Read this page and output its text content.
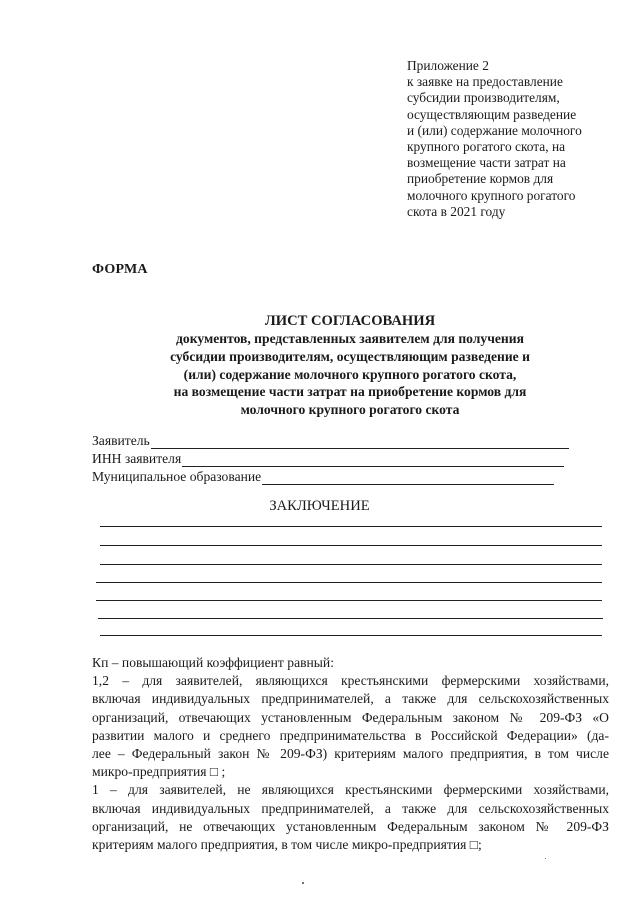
Приложение 2
к заявке на предоставление
субсидии производителям,
осуществляющим разведение
и (или) содержание молочного
крупного рогатого скота, на
возмещение части затрат на
приобретение кормов для
молочного крупного рогатого
скота в 2021 году
ФОРМА
ЛИСТ СОГЛАСОВАНИЯ
документов, представленных заявителем для получения
субсидии производителям, осуществляющим разведение и
(или) содержание молочного крупного рогатого скота,
на возмещение части затрат на приобретение кормов для
молочного крупного рогатого скота
Заявитель
ИНН заявителя
Муниципальное образование
ЗАКЛЮЧЕНИЕ
Кп – повышающий коэффициент равный:
1,2 – для заявителей, являющихся крестьянскими фермерскими хозяйствами,
включая индивидуальных предпринимателей, а также для сельскохозяйственных
организаций, отвечающих установленным Федеральным законом № 209-ФЗ «О
развитии малого и среднего предпринимательства в Российской Федерации» (да-
лее – Федеральный закон № 209-ФЗ) критериям малого предприятия, в том числе
микро-предприятия □ ;
1 – для заявителей, не являющихся крестьянскими фермерскими хозяйствами,
включая индивидуальных предпринимателей, а также для сельскохозяйственных
организаций, не отвечающих установленным Федеральным законом № 209-ФЗ
критериям малого предприятия, в том числе микро-предприятия □;
